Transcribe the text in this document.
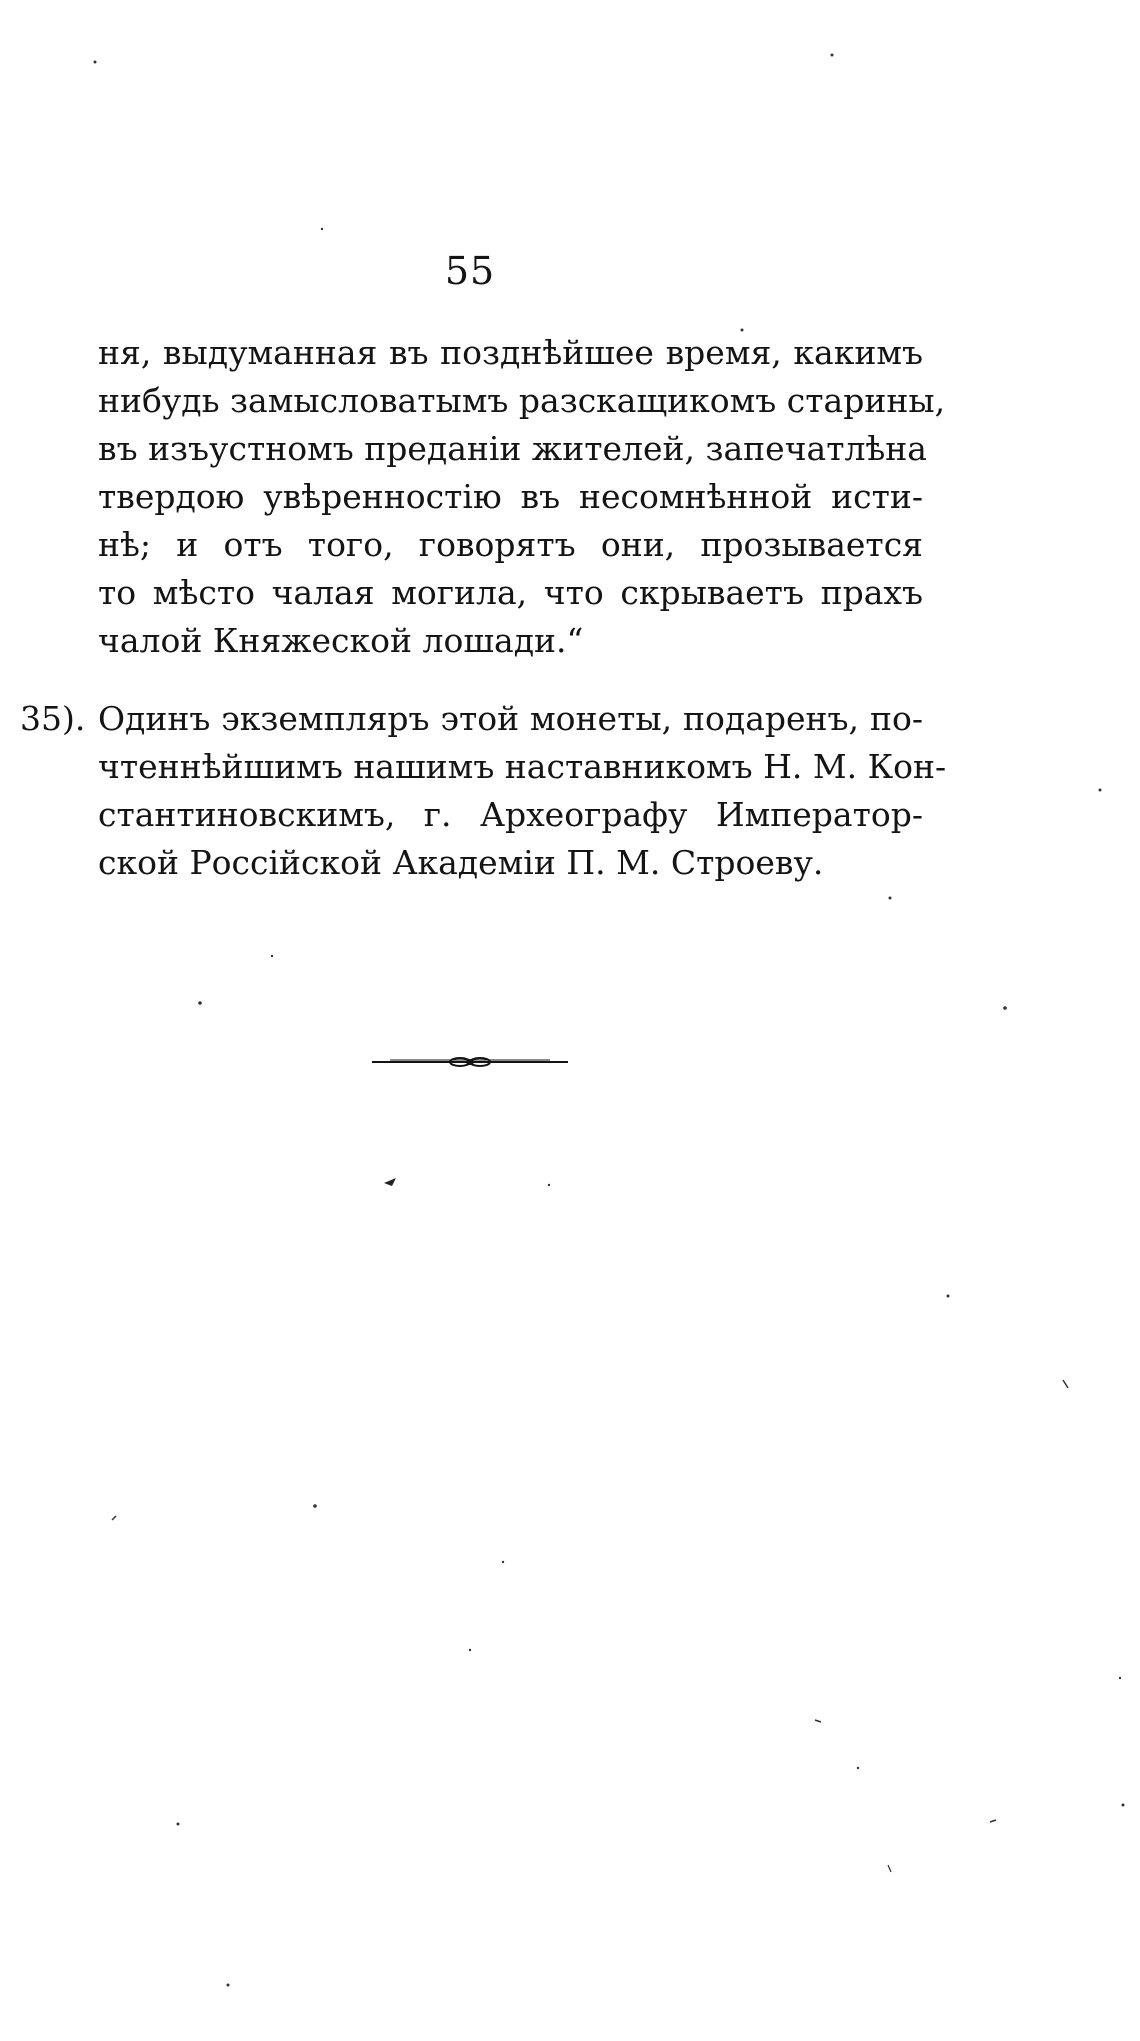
55
ня, выдуманная въ позднѣйшее время, какимъ
нибудь замысловатымъ разскащикомъ старины,
въ изъустномъ преданіи жителей, запечатлѣна
твердою увѣренностію въ несомнѣнной исти-
нѣ; и отъ того, говорятъ они, прозывается
то мѣсто чалая могила, что скрываетъ прахъ
чалой Княжеской лошади.“
35). Одинъ экземпляръ этой монеты, подаренъ, по-
чтеннѣйшимъ нашимъ наставникомъ Н. М. Кон-
стантиновскимъ, г. Археографу Император-
ской Россійской Академіи П. М. Строеву.
